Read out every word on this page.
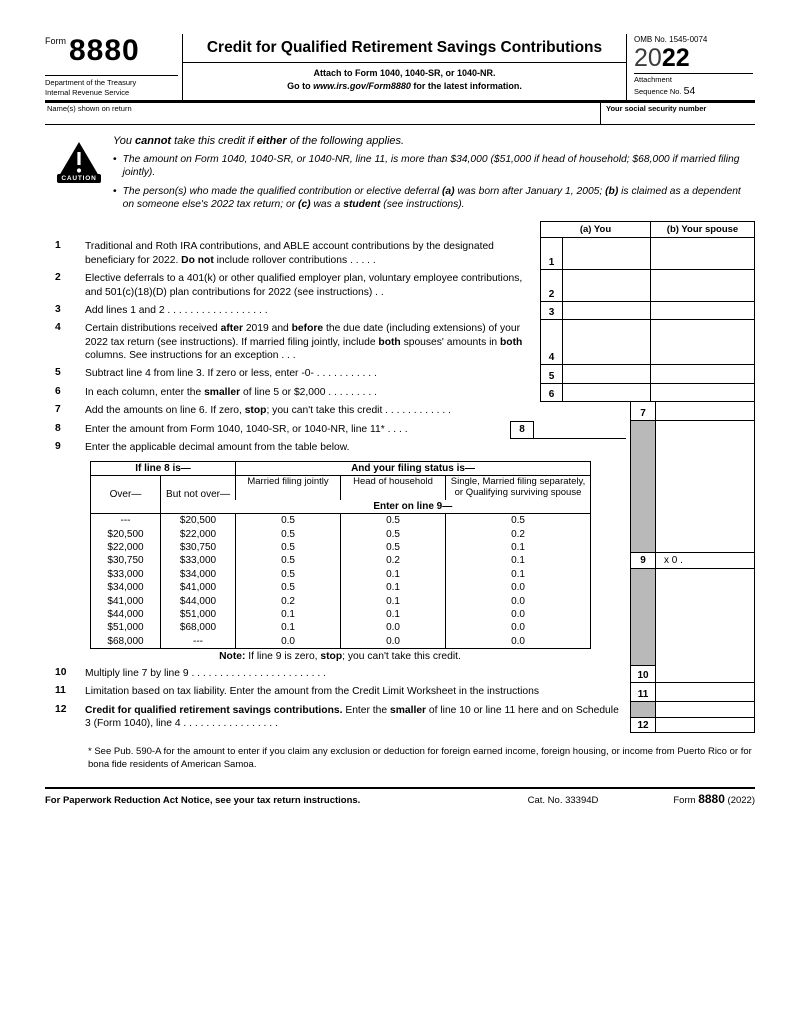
$^{Form}$ 8880
Department of the Treasury
Internal Revenue Service
Credit for Qualified Retirement Savings Contributions
Attach to Form 1040, 1040-SR, or 1040-NR.
Go to www.irs.gov/Form8880 for the latest information.
OMB No. 1545-0074
2022
Attachment
Sequence No. 54
Name(s) shown on return	Your social security number
CAUTION
You cannot take this credit if either of the following applies.
• The amount on Form 1040, 1040-SR, or 1040-NR, line 11, is more than $34,000 ($51,000 if head of household; $68,000 if married filing jointly).
• The person(s) who made the qualified contribution or elective deferral (a) was born after January 1, 2005; (b) is claimed as a dependent on someone else's 2022 tax return; or (c) was a student (see instructions).
(a) You	(b) Your spouse
1	Traditional and Roth IRA contributions, and ABLE account contributions by the designated beneficiary for 2022. Do not include rollover contributions . . . . .	1
2	Elective deferrals to a 401(k) or other qualified employer plan, voluntary employee contributions, and 501(c)(18)(D) plan contributions for 2022 (see instructions) . .	2
3	Add lines 1 and 2 . . . . . . . . . . . . . . . . . .	3
4	Certain distributions received after 2019 and before the due date (including extensions) of your 2022 tax return (see instructions). If married filing jointly, include both spouses' amounts in both columns. See instructions for an exception . . .	4
5	Subtract line 4 from line 3. If zero or less, enter -0- . . . . . . . . . . .	5
6	In each column, enter the smaller of line 5 or $2,000 . . . . . . . . .	6
7	Add the amounts on line 6. If zero, stop; you can't take this credit . . . . . . . . . . . .	7
8	Enter the amount from Form 1040, 1040-SR, or 1040-NR, line 11* . . . .	8
9	Enter the applicable decimal amount from the table below.
If line 8 is—		And your filing status is—		
Over—	But not over—	Married filing jointly	Head of household	Single, Married filing separately, or Qualifying surviving spouse
		Enter on line 9—		
---	$20,500	0.5	0.5	0.5
$20,500	$22,000	0.5	0.5	0.2
$22,000	$30,750	0.5	0.5	0.1
$30,750	$33,000	0.5	0.2	0.1
$33,000	$34,000	0.5	0.1	0.1
$34,000	$41,000	0.5	0.1	0.0
$41,000	$44,000	0.2	0.1	0.0
$44,000	$51,000	0.1	0.1	0.0
$51,000	$68,000	0.1	0.0	0.0
$68,000	---	0.0	0.0	0.0
9	x 0 .
Note: If line 9 is zero, stop; you can't take this credit.
10	Multiply line 7 by line 9 . . . . . . . . . . . . . . . . . . . . . . . .	10
11	Limitation based on tax liability. Enter the amount from the Credit Limit Worksheet in the instructions	11
12	Credit for qualified retirement savings contributions. Enter the smaller of line 10 or line 11 here and on Schedule 3 (Form 1040), line 4 . . . . . . . . . . . . . . . . .	12
* See Pub. 590-A for the amount to enter if you claim any exclusion or deduction for foreign earned income, foreign housing, or income from Puerto Rico or for bona fide residents of American Samoa.
For Paperwork Reduction Act Notice, see your tax return instructions.	Cat. No. 33394D	Form 8880 (2022)
